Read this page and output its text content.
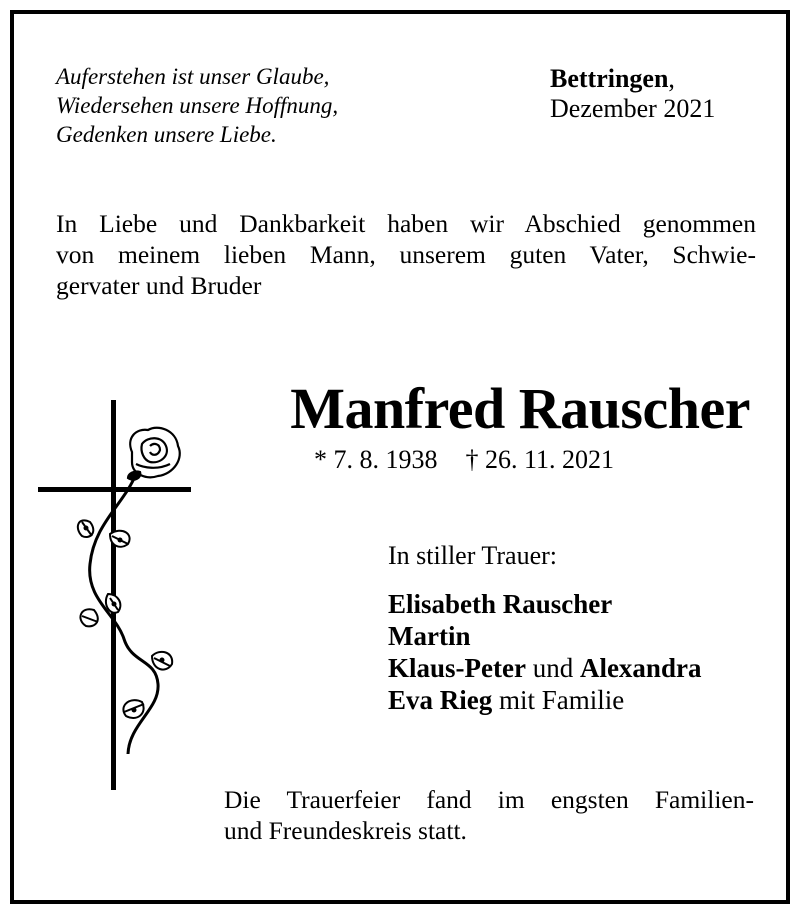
Auferstehen ist unser Glaube,
Wiedersehen unsere Hoffnung,
Gedenken unsere Liebe.
Bettringen,
Dezember 2021
In Liebe und Dankbarkeit haben wir Abschied genommen
von meinem lieben Mann, unserem guten Vater, Schwie-
gervater und Bruder
Manfred Rauscher
* 7. 8. 1938 † 26. 11. 2021
In stiller Trauer:
Elisabeth Rauscher
Martin
Klaus-Peter und Alexandra
Eva Rieg mit Familie
Die Trauerfeier fand im engsten Familien-
und Freundeskreis statt.
